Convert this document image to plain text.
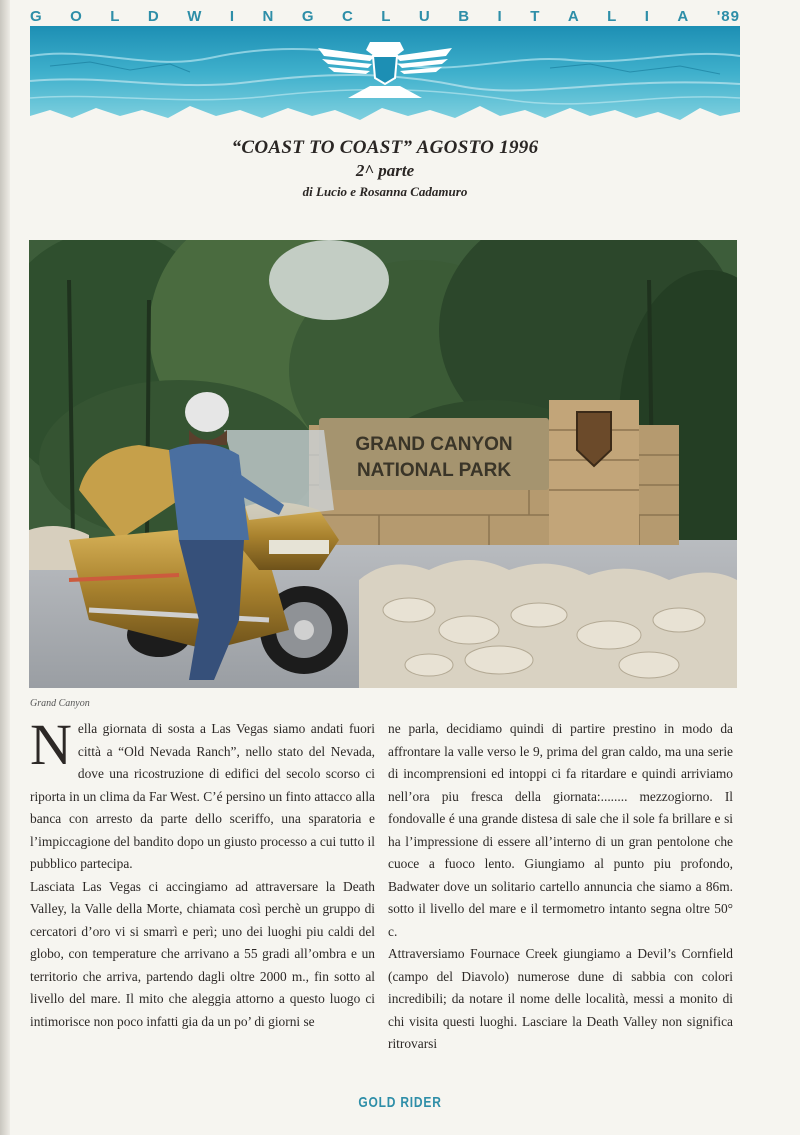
G O L D W I N G C L U B I T A L I A '89
“COAST TO COAST” AGOSTO 1996
2^ parte
di Lucio e Rosanna Cadamuro
GRAND CANYON
NATIONAL PARK
Grand Canyon

Nella giornata di sosta a Las Vegas siamo andati fuori città a “Old Nevada Ranch”, nello stato del Nevada, dove una ricostruzione di edifici del secolo scorso ci riporta in un clima da Far West. C’é persino un finto attacco alla banca con arresto da parte dello sceriffo, una sparatoria e l’impiccagione del bandito dopo un giusto processo a cui tutto il pubblico partecipa.

Lasciata Las Vegas ci accingiamo ad attraversare la Death Valley, la Valle della Morte, chiamata così perchè un gruppo di cercatori d’oro vi si smarrì e perì; uno dei luoghi piu caldi del globo, con temperature che arrivano a 55 gradi all’ombra e un territorio che arriva, partendo dagli oltre 2000 m., fin sotto al livello del mare. Il mito che aleggia attorno a questo luogo ci intimorisce non poco infatti gia da un po’ di giorni se

ne parla, decidiamo quindi di partire prestino in modo da affrontare la valle verso le 9, prima del gran caldo, ma una serie di incomprensioni ed intoppi ci fa ritardare e quindi arriviamo nell’ora piu fresca della giornata:........ mezzogiorno. Il fondovalle é una grande distesa di sale che il sole fa brillare e si ha l’impressione di essere all’interno di un gran pentolone che cuoce a fuoco lento. Giungiamo al punto piu profondo, Badwater dove un solitario cartello annuncia che siamo a 86m. sotto il livello del mare e il termometro intanto segna oltre 50° c.

Attraversiamo Fournace Creek giungiamo a Devil’s Cornfield (campo del Diavolo) numerose dune di sabbia con colori incredibili; da notare il nome delle località, messi a monito di chi visita questi luoghi. Lasciare la Death Valley non significa ritrovarsi

GOLD RIDER
